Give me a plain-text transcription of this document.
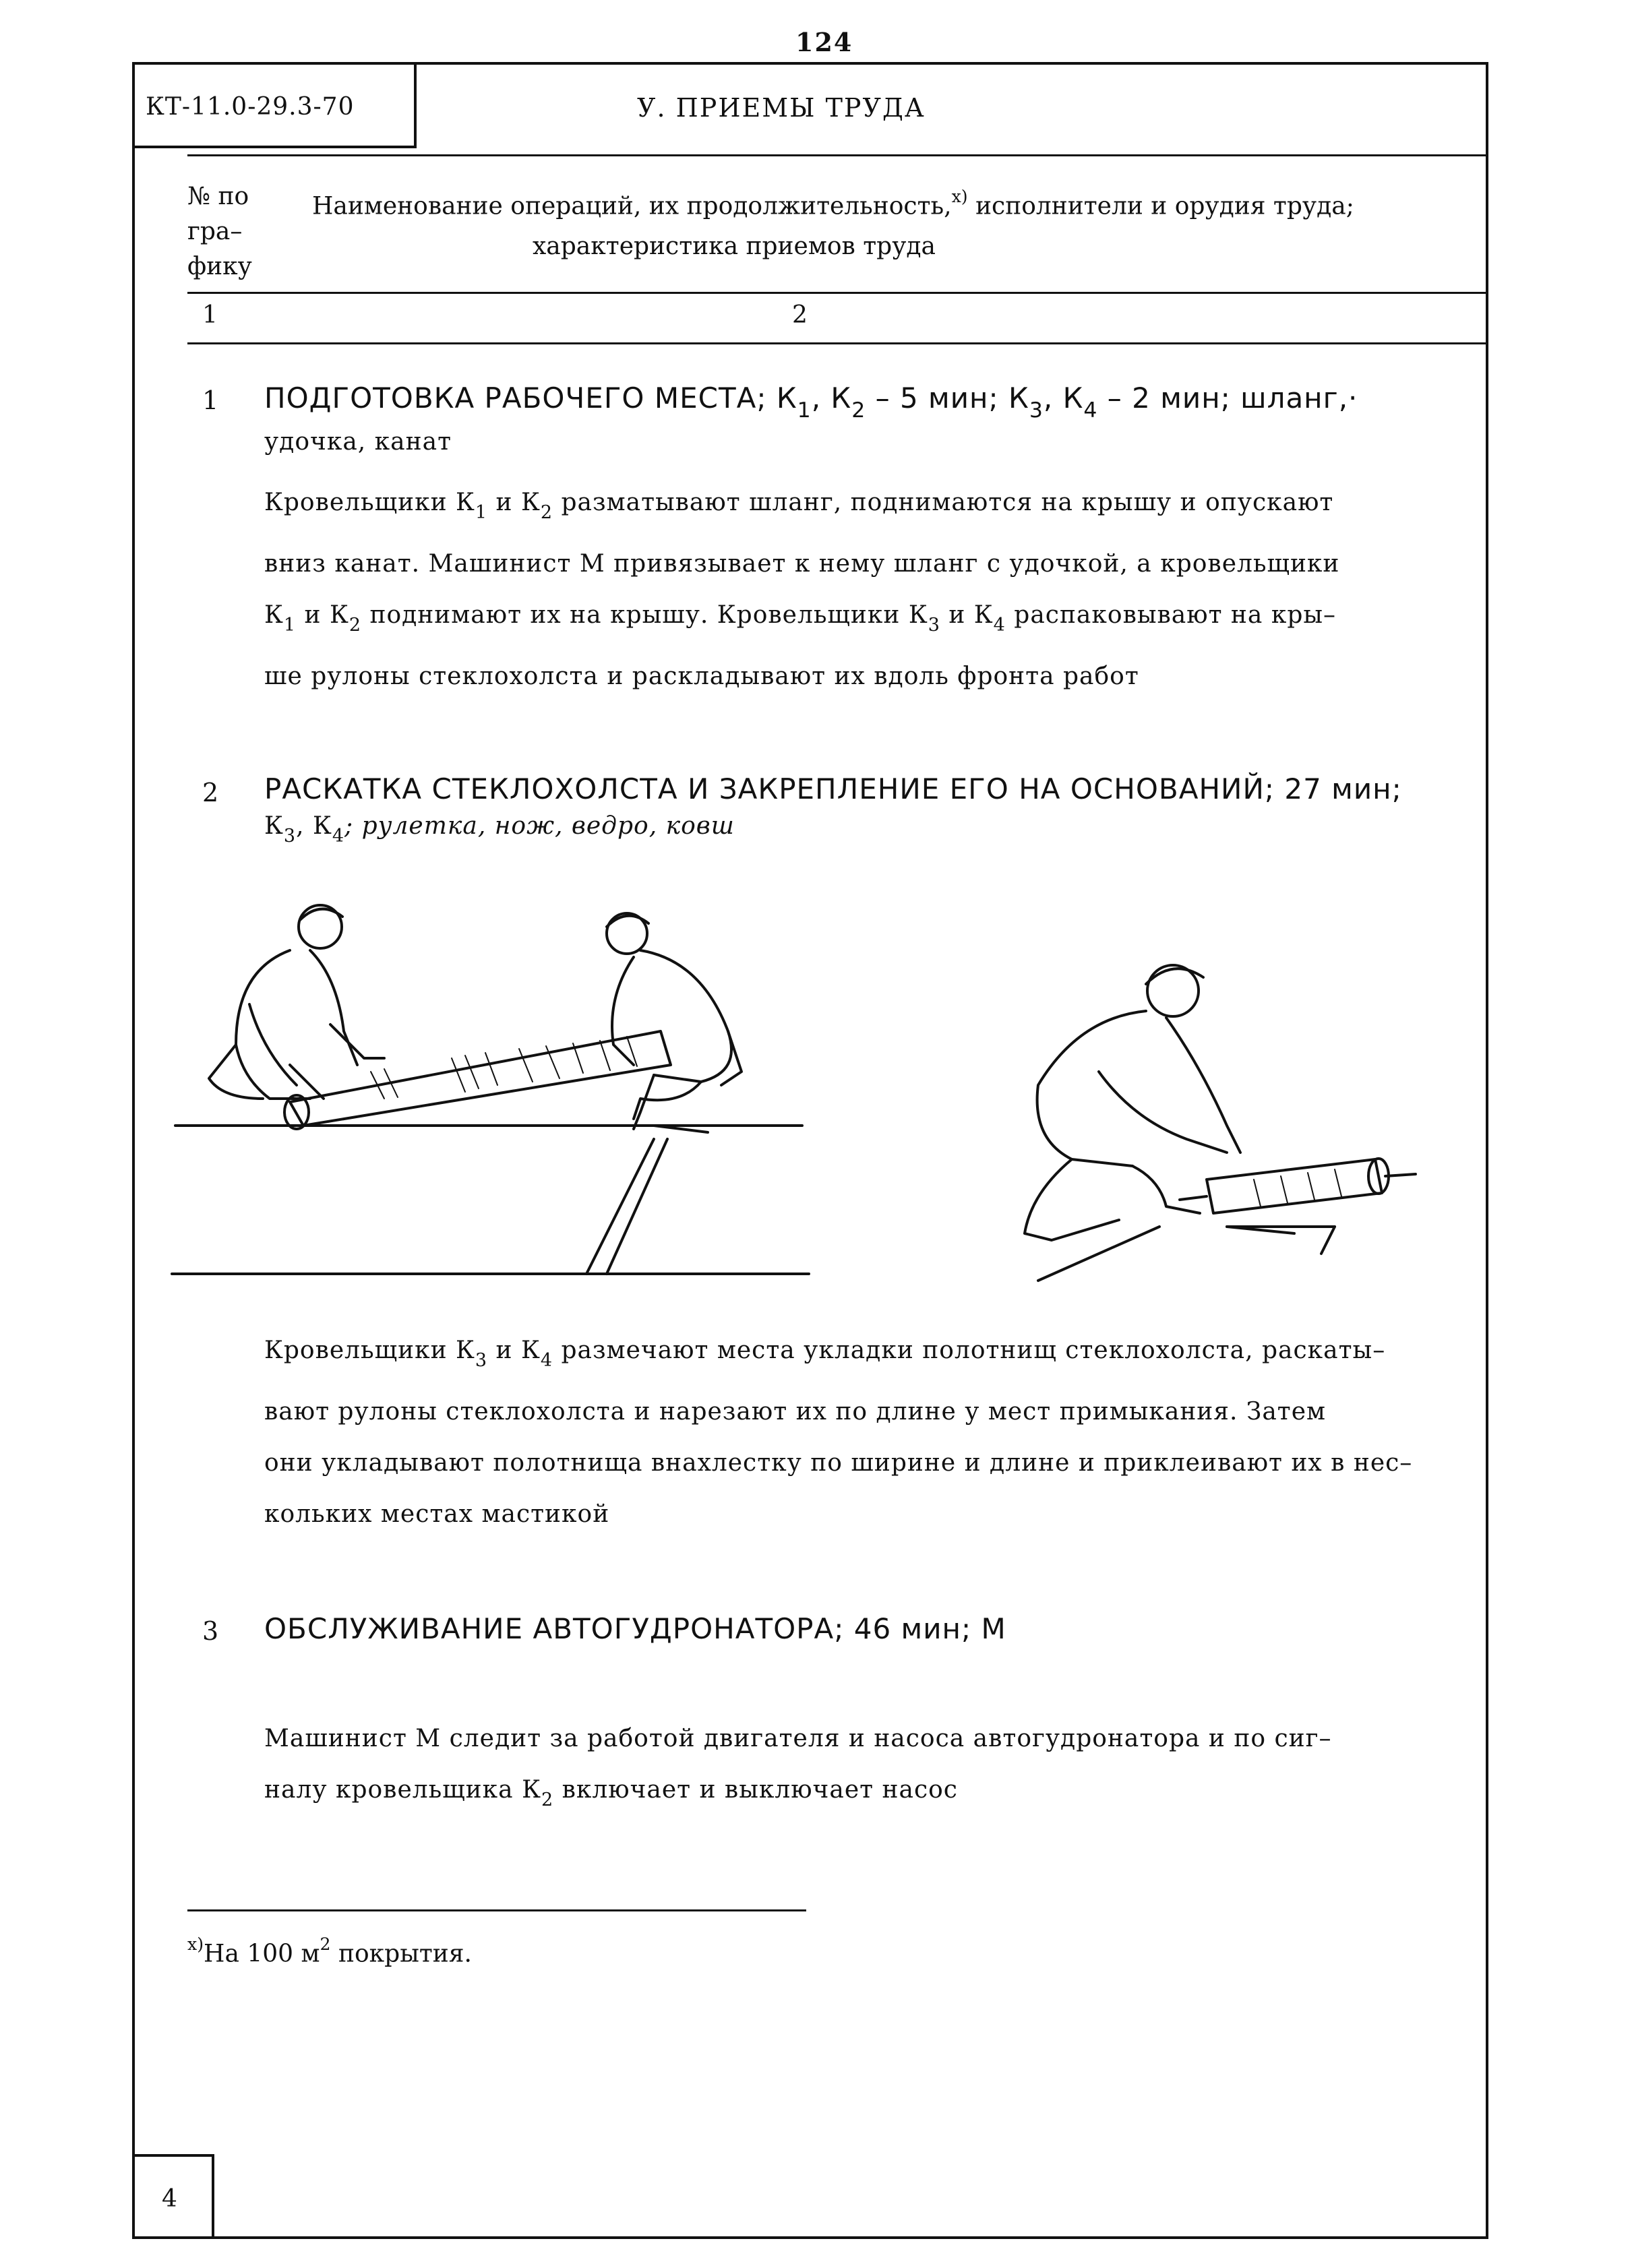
124
КТ-11.0-29.3-70	У. ПРИЕМЫ ТРУДА
№ по
гра–
фику
Наименование операций, их продолжительность,$^{x)}$ исполнители и орудия труда;
характеристика приемов труда
1	2
1 ПОДГОТОВКА РАБОЧЕГО МЕСТА; $К_1$, $К_2 - 5$ мин; $К_3$, $К_4 - 2$ мин; шланг,·
удочка, канат
Кровельщики $К_1$ и $К_2$ разматывают шланг, поднимаются на крышу и опускают
вниз канат. Машинист М привязывает к нему шланг с удочкой, а кровельщики
$К_1$ и $К_2$ поднимают их на крышу. Кровельщики $К_3$ и $К_4$ распаковывают на кры–
ше рулоны стеклохолста и раскладывают их вдоль фронта работ
2 РАСКАТКА СТЕКЛОХОЛСТА И ЗАКРЕПЛЕНИЕ ЕГО НА ОСНОВАНИЙ; 27 мин;
$К_3$, $К_4$; рулетка, нож, ведро, ковш
Кровельщики $К_3$ и $К_4$ размечают места укладки полотнищ стеклохолста, раскаты–
вают рулоны стеклохолста и нарезают их по длине у мест примыкания. Затем
они укладывают полотнища внахлестку по ширине и длине и приклеивают их в нес–
кольких местах мастикой
3 ОБСЛУЖИВАНИЕ АВТОГУДРОНАТОРА; 46 мин; М
Машинист М следит за работой двигателя и насоса автогудронатора и по сиг–
налу кровельщика $К_2$ включает и выключает насос
$^{x)}$На 100 $м^2$ покрытия.
4
